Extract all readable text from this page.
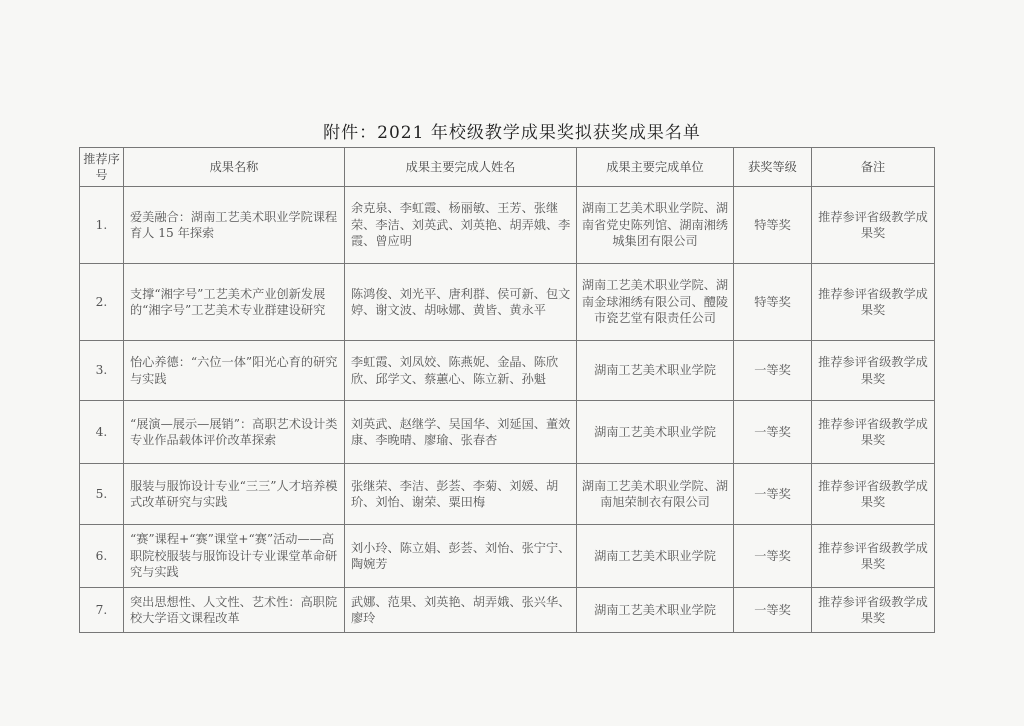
附件：2021 年校级教学成果奖拟获奖成果名单
推荐序号	成果名称	成果主要完成人姓名	成果主要完成单位	获奖等级	备注
1.	爱美融合：湖南工艺美术职业学院课程育人 15 年探索	余克泉、李虹霞、杨丽敏、王芳、张继荣、李洁、刘英武、刘英艳、胡弄娥、李霞、曾应明	湖南工艺美术职业学院、湖南省党史陈列馆、湖南湘绣城集团有限公司	特等奖	推荐参评省级教学成果奖
2.	支撑“湘字号”工艺美术产业创新发展的“湘字号”工艺美术专业群建设研究	陈鸿俊、刘光平、唐利群、侯可新、包文婷、谢文波、胡咏娜、黄皆、黄永平	湖南工艺美术职业学院、湖南金球湘绣有限公司、醴陵市瓷艺堂有限责任公司	特等奖	推荐参评省级教学成果奖
3.	怡心养德：“六位一体”阳光心育的研究与实践	李虹霞、刘凤姣、陈燕妮、金晶、陈欣欣、邱学文、蔡蕙心、陈立新、孙魁	湖南工艺美术职业学院	一等奖	推荐参评省级教学成果奖
4.	“展演—展示—展销”：高职艺术设计类专业作品载体评价改革探索	刘英武、赵继学、吴国华、刘延国、董效康、李晚晴、廖瑜、张春杏	湖南工艺美术职业学院	一等奖	推荐参评省级教学成果奖
5.	服装与服饰设计专业“三三”人才培养模式改革研究与实践	张继荣、李洁、彭荟、李菊、刘媛、胡玠、刘怡、谢荣、粟田梅	湖南工艺美术职业学院、湖南旭荣制衣有限公司	一等奖	推荐参评省级教学成果奖
6.	“赛”课程+“赛”课堂+“赛”活动——高职院校服装与服饰设计专业课堂革命研究与实践	刘小玲、陈立娟、彭荟、刘怡、张宁宁、陶婉芳	湖南工艺美术职业学院	一等奖	推荐参评省级教学成果奖
7.	突出思想性、人文性、艺术性：高职院校大学语文课程改革	武娜、范果、刘英艳、胡弄娥、张兴华、廖玲	湖南工艺美术职业学院	一等奖	推荐参评省级教学成果奖
